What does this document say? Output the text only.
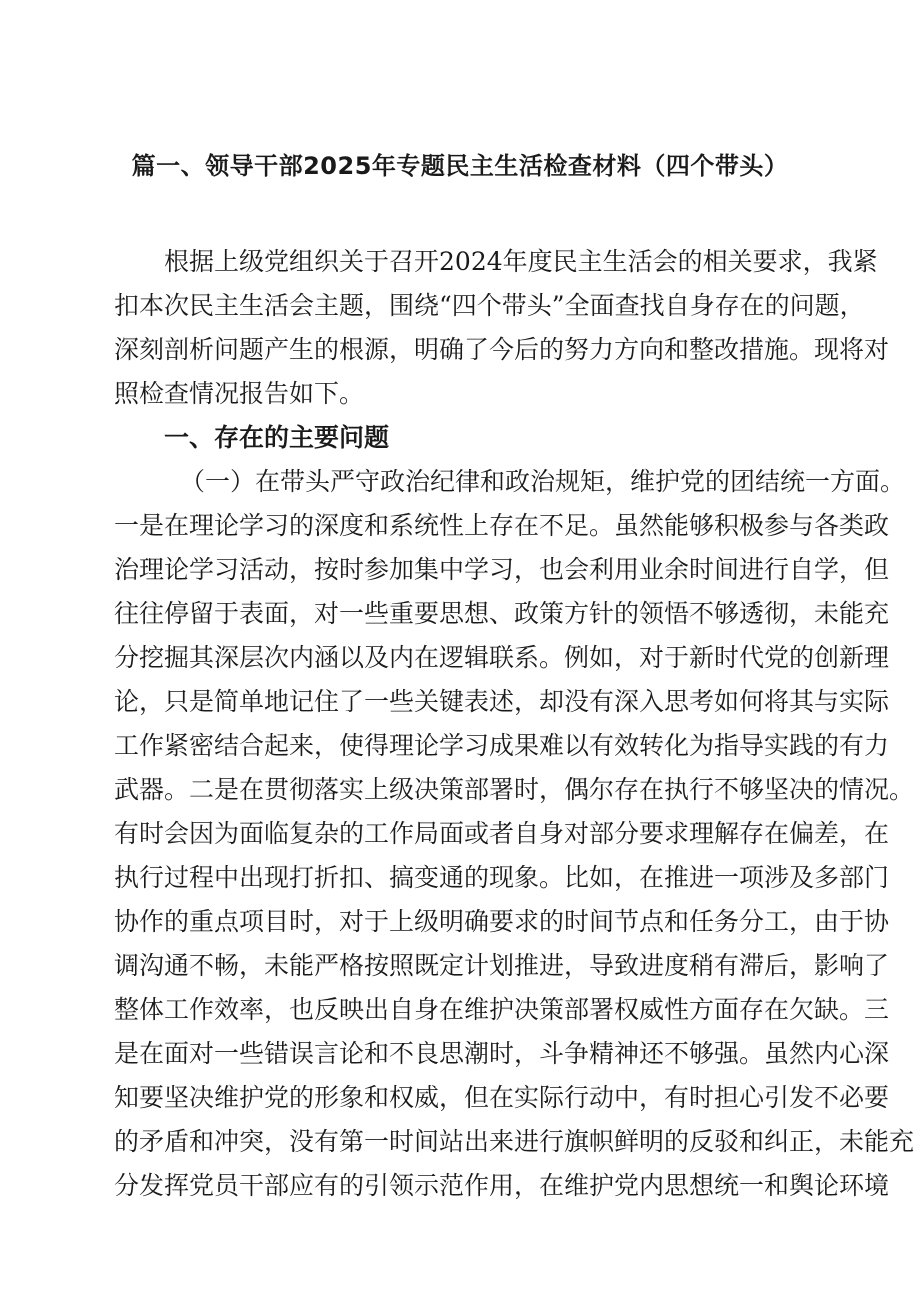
篇一、领导干部2025年专题民主生活检查材料（四个带头）
根据上级党组织关于召开2024年度民主生活会的相关要求，我紧
扣本次民主生活会主题，围绕“四个带头”全面查找自身存在的问题，
深刻剖析问题产生的根源，明确了今后的努力方向和整改措施。现将对
照检查情况报告如下。
一、存在的主要问题
（一）在带头严守政治纪律和政治规矩，维护党的团结统一方面。
一是在理论学习的深度和系统性上存在不足。虽然能够积极参与各类政
治理论学习活动，按时参加集中学习，也会利用业余时间进行自学，但
往往停留于表面，对一些重要思想、政策方针的领悟不够透彻，未能充
分挖掘其深层次内涵以及内在逻辑联系。例如，对于新时代党的创新理
论，只是简单地记住了一些关键表述，却没有深入思考如何将其与实际
工作紧密结合起来，使得理论学习成果难以有效转化为指导实践的有力
武器。二是在贯彻落实上级决策部署时，偶尔存在执行不够坚决的情况。
有时会因为面临复杂的工作局面或者自身对部分要求理解存在偏差，在
执行过程中出现打折扣、搞变通的现象。比如，在推进一项涉及多部门
协作的重点项目时，对于上级明确要求的时间节点和任务分工，由于协
调沟通不畅，未能严格按照既定计划推进，导致进度稍有滞后，影响了
整体工作效率，也反映出自身在维护决策部署权威性方面存在欠缺。三
是在面对一些错误言论和不良思潮时，斗争精神还不够强。虽然内心深
知要坚决维护党的形象和权威，但在实际行动中，有时担心引发不必要
的矛盾和冲突，没有第一时间站出来进行旗帜鲜明的反驳和纠正，未能充
分发挥党员干部应有的引领示范作用，在维护党内思想统一和舆论环境
